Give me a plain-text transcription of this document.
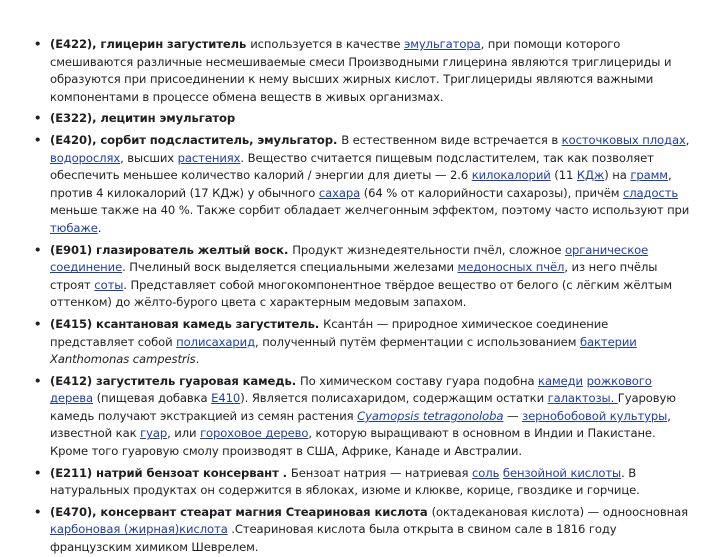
• (E422), глицерин загуститель используется в качестве эмульгатора, при помощи которого смешиваются различные несмешиваемые смеси Производными глицерина являются триглицериды и образуются при присоединении к нему высших жирных кислот. Триглицериды являются важными компонентами в процессе обмена веществ в живых организмах.
• (E322), лецитин эмульгатор
• (E420), сорбит подсластитель, эмульгатор. В естественном виде встречается в косточковых плодах, водорослях, высших растениях. Вещество считается пищевым подсластителем, так как позволяет обеспечить меньшее количество калорий / энергии для диеты — 2.6 килокалорий (11 КДж) на грамм, против 4 килокалорий (17 КДж) у обычного сахара (64 % от калорийности сахарозы), причём сладость меньше также на 40 %. Также сорбит обладает желчегонным эффектом, поэтому часто используют при тюбаже.
• (E901) глазирователь желтый воск. Продукт жизнедеятельности пчёл, сложное органическое соединение. Пчелиный воск выделяется специальными железами медоносных пчёл, из него пчёлы строят соты. Представляет собой многокомпонентное твёрдое вещество от белого (с лёгким жёлтым оттенком) до жёлто-бурого цвета с характерным медовым запахом.
• (E415) ксантановая камедь загуститель. Ксанта́н — природное химическое соединение представляет собой полисахарид, полученный путём ферментации с использованием бактерии Xanthomonas campestris.
• (E412) загуститель гуаровая камедь. По химическом составу гуара подобна камеди рожкового дерева (пищевая добавка E410). Является полисахаридом, содержащим остатки галактозы. Гуаровую камедь получают экстракцией из семян растения Cyamopsis tetragonoloba — зернобобовой культуры, известной как гуар, или гороховое дерево, которую выращивают в основном в Индии и Пакистане. Кроме того гуаровую смолу производят в США, Африке, Канаде и Австралии.
• (E211) натрий бензоат консервант . Бензоат натрия — натриевая соль бензойной кислоты. В натуральных продуктах он содержится в яблоках, изюме и клюкве, корице, гвоздике и горчице.
• (E470), консервант стеарат магния Стеариновая кислота (октадекановая кислота) — одноосновная карбоновая (жирная)кислота .Стеариновая кислота была открыта в свином сале в 1816 году французским химиком Шеврелем.
